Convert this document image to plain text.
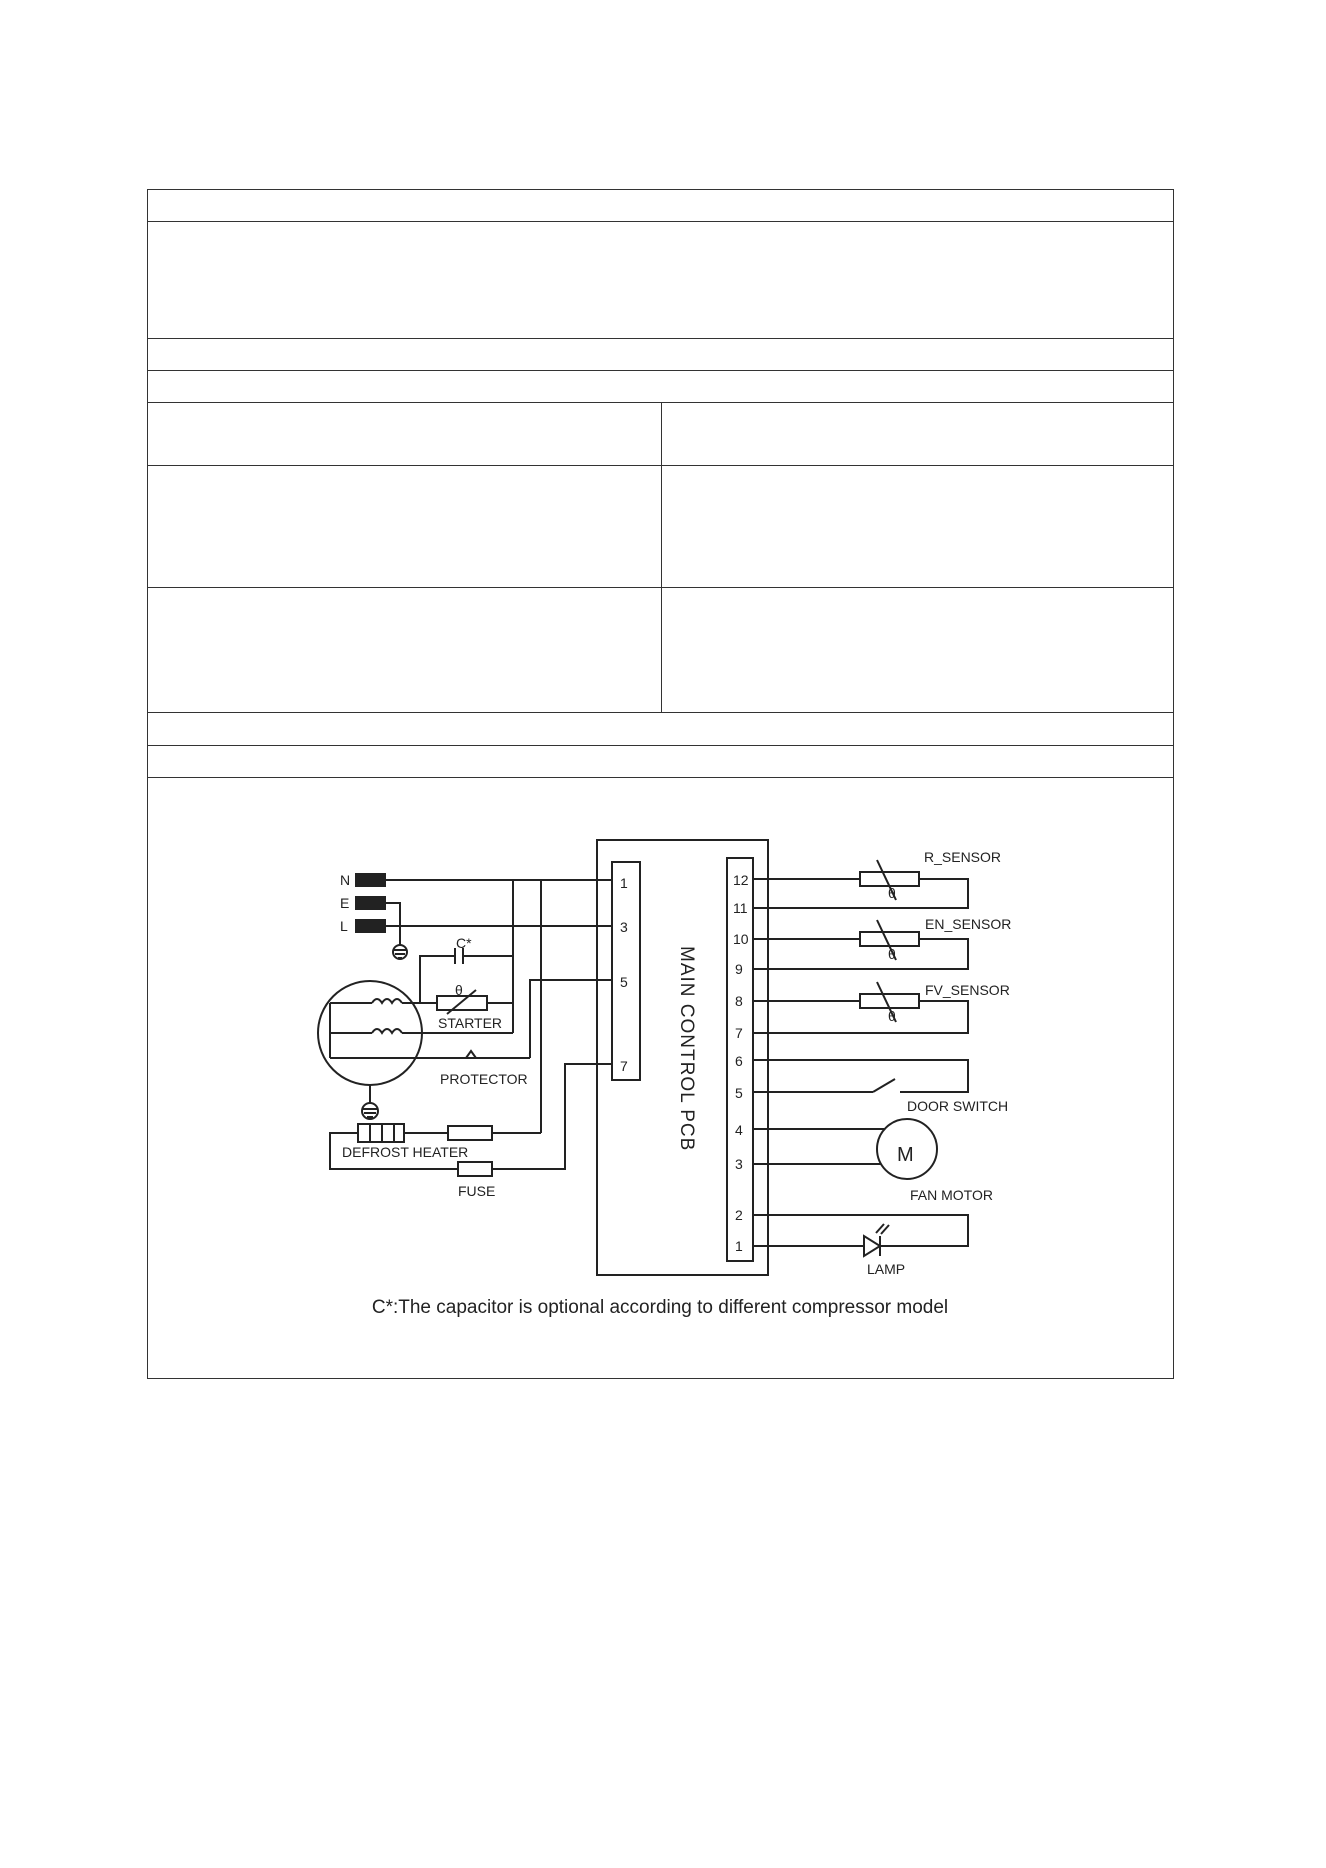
N
E
L
C*
STARTER
θ
PROTECTOR
DEFROST HEATER
FUSE
MAIN CONTROL PCB
1
3
5
7
12
11
10
9
8
7
6
5
4
3
2
1
R_SENSOR
EN_SENSOR
FV_SENSOR
θ
θ
θ
DOOR SWITCH
M
FAN MOTOR
LAMP
C*:The capacitor is optional according to different compressor model
